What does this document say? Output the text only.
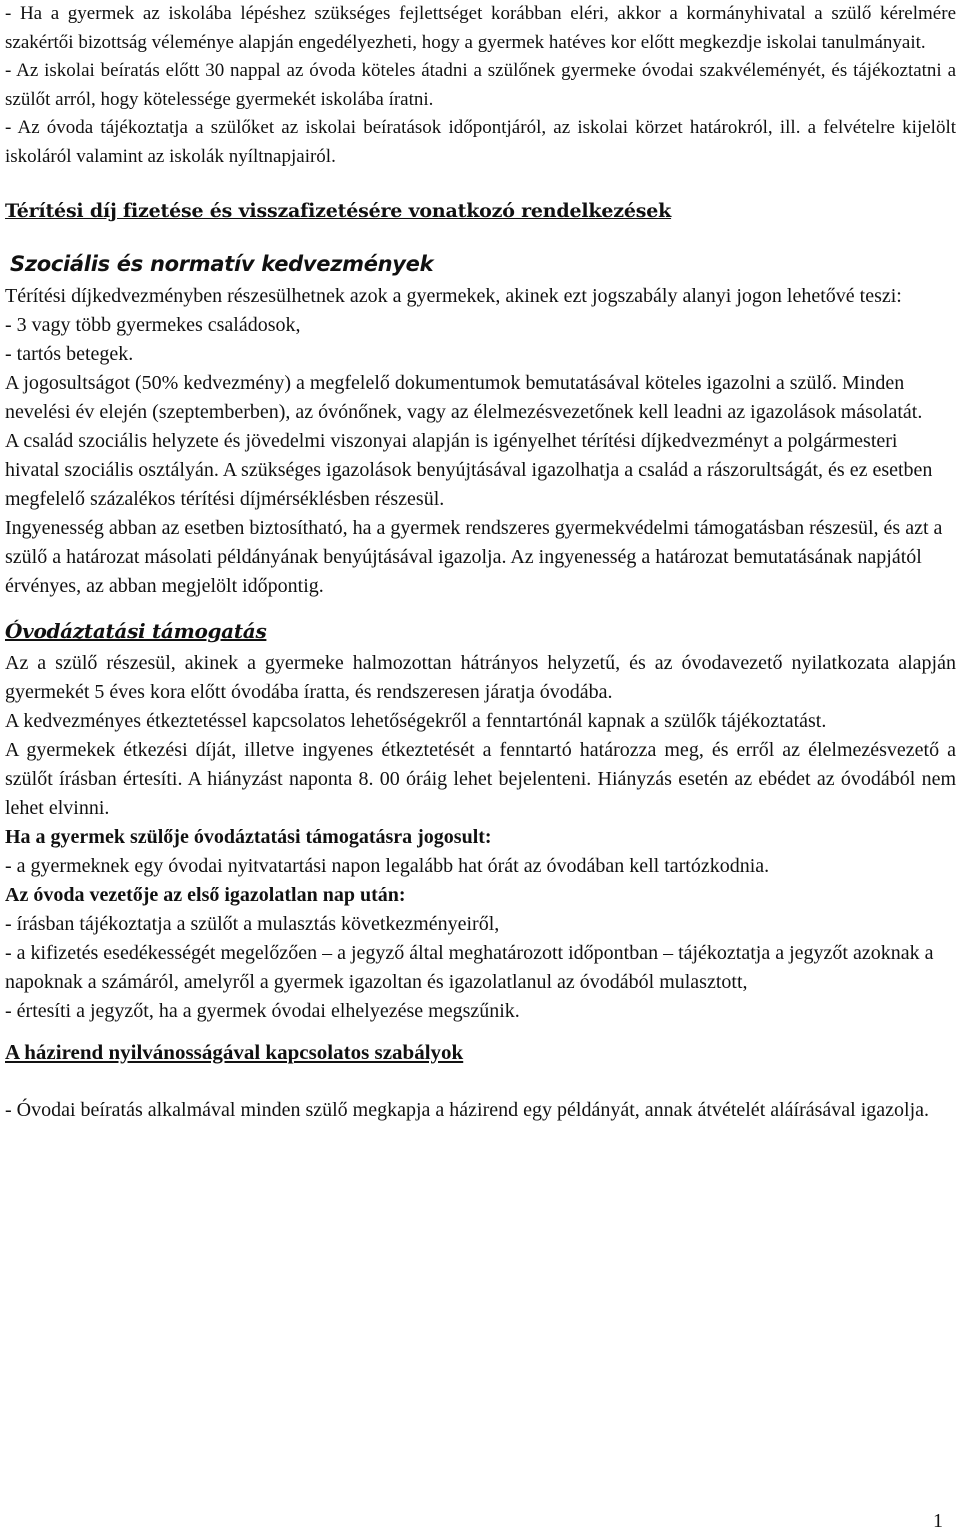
- Ha a gyermek az iskolába lépéshez szükséges fejlettséget korábban eléri, akkor a kormányhivatal a szülő kérelmére szakértői bizottság véleménye alapján engedélyezheti, hogy a gyermek hatéves kor előtt megkezdje iskolai tanulmányait.

- Az iskolai beíratás előtt 30 nappal az óvoda köteles átadni a szülőnek gyermeke óvodai szakvéleményét, és tájékoztatni a szülőt arról, hogy kötelessége gyermekét iskolába íratni.

- Az óvoda tájékoztatja a szülőket az iskolai beíratások időpontjáról, az iskolai körzet határokról, ill. a felvételre kijelölt iskoláról valamint az iskolák nyíltnapjairól.

Térítési díj fizetése és visszafizetésére vonatkozó rendelkezések

Szociális és normatív kedvezmények

Térítési díjkedvezményben részesülhetnek azok a gyermekek, akinek ezt jogszabály alanyi jogon lehetővé teszi:

- 3 vagy több gyermekes családosok,

- tartós betegek.

A jogosultságot (50% kedvezmény) a megfelelő dokumentumok bemutatásával köteles igazolni a szülő. Minden nevelési év elején (szeptemberben), az óvónőnek, vagy az élelmezésvezetőnek kell leadni az igazolások másolatát.

A család szociális helyzete és jövedelmi viszonyai alapján is igényelhet térítési díjkedvezményt a polgármesteri hivatal szociális osztályán. A szükséges igazolások benyújtásával igazolhatja a család a rászorultságát, és ez esetben megfelelő százalékos térítési díjmérséklésben részesül.

Ingyenesség abban az esetben biztosítható, ha a gyermek rendszeres gyermekvédelmi támogatásban részesül, és azt a szülő a határozat másolati példányának benyújtásával igazolja. Az ingyenesség a határozat bemutatásának napjától érvényes, az abban megjelölt időpontig.

Óvodáztatási támogatás

Az a szülő részesül, akinek a gyermeke halmozottan hátrányos helyzetű, és az óvodavezető nyilatkozata alapján gyermekét 5 éves kora előtt óvodába íratta, és rendszeresen járatja óvodába.

A kedvezményes étkeztetéssel kapcsolatos lehetőségekről a fenntartónál kapnak a szülők tájékoztatást.

A gyermekek étkezési díját, illetve ingyenes étkeztetését a fenntartó határozza meg, és erről az élelmezésvezető a szülőt írásban értesíti. A hiányzást naponta 8. 00 óráig lehet bejelenteni. Hiányzás esetén az ebédet az óvodából nem lehet elvinni.

Ha a gyermek szülője óvodáztatási támogatásra jogosult:

- a gyermeknek egy óvodai nyitvatartási napon legalább hat órát az óvodában kell tartózkodnia.

Az óvoda vezetője az első igazolatlan nap után:

- írásban tájékoztatja a szülőt a mulasztás következményeiről,

- a kifizetés esedékességét megelőzően – a jegyző által meghatározott időpontban – tájékoztatja a jegyzőt azoknak a napoknak a számáról, amelyről a gyermek igazoltan és igazolatlanul az óvodából mulasztott,

- értesíti a jegyzőt, ha a gyermek óvodai elhelyezése megszűnik.

A házirend nyilvánosságával kapcsolatos szabályok

- Óvodai beíratás alkalmával minden szülő megkapja a házirend egy példányát, annak átvételét aláírásával igazolja.

1
